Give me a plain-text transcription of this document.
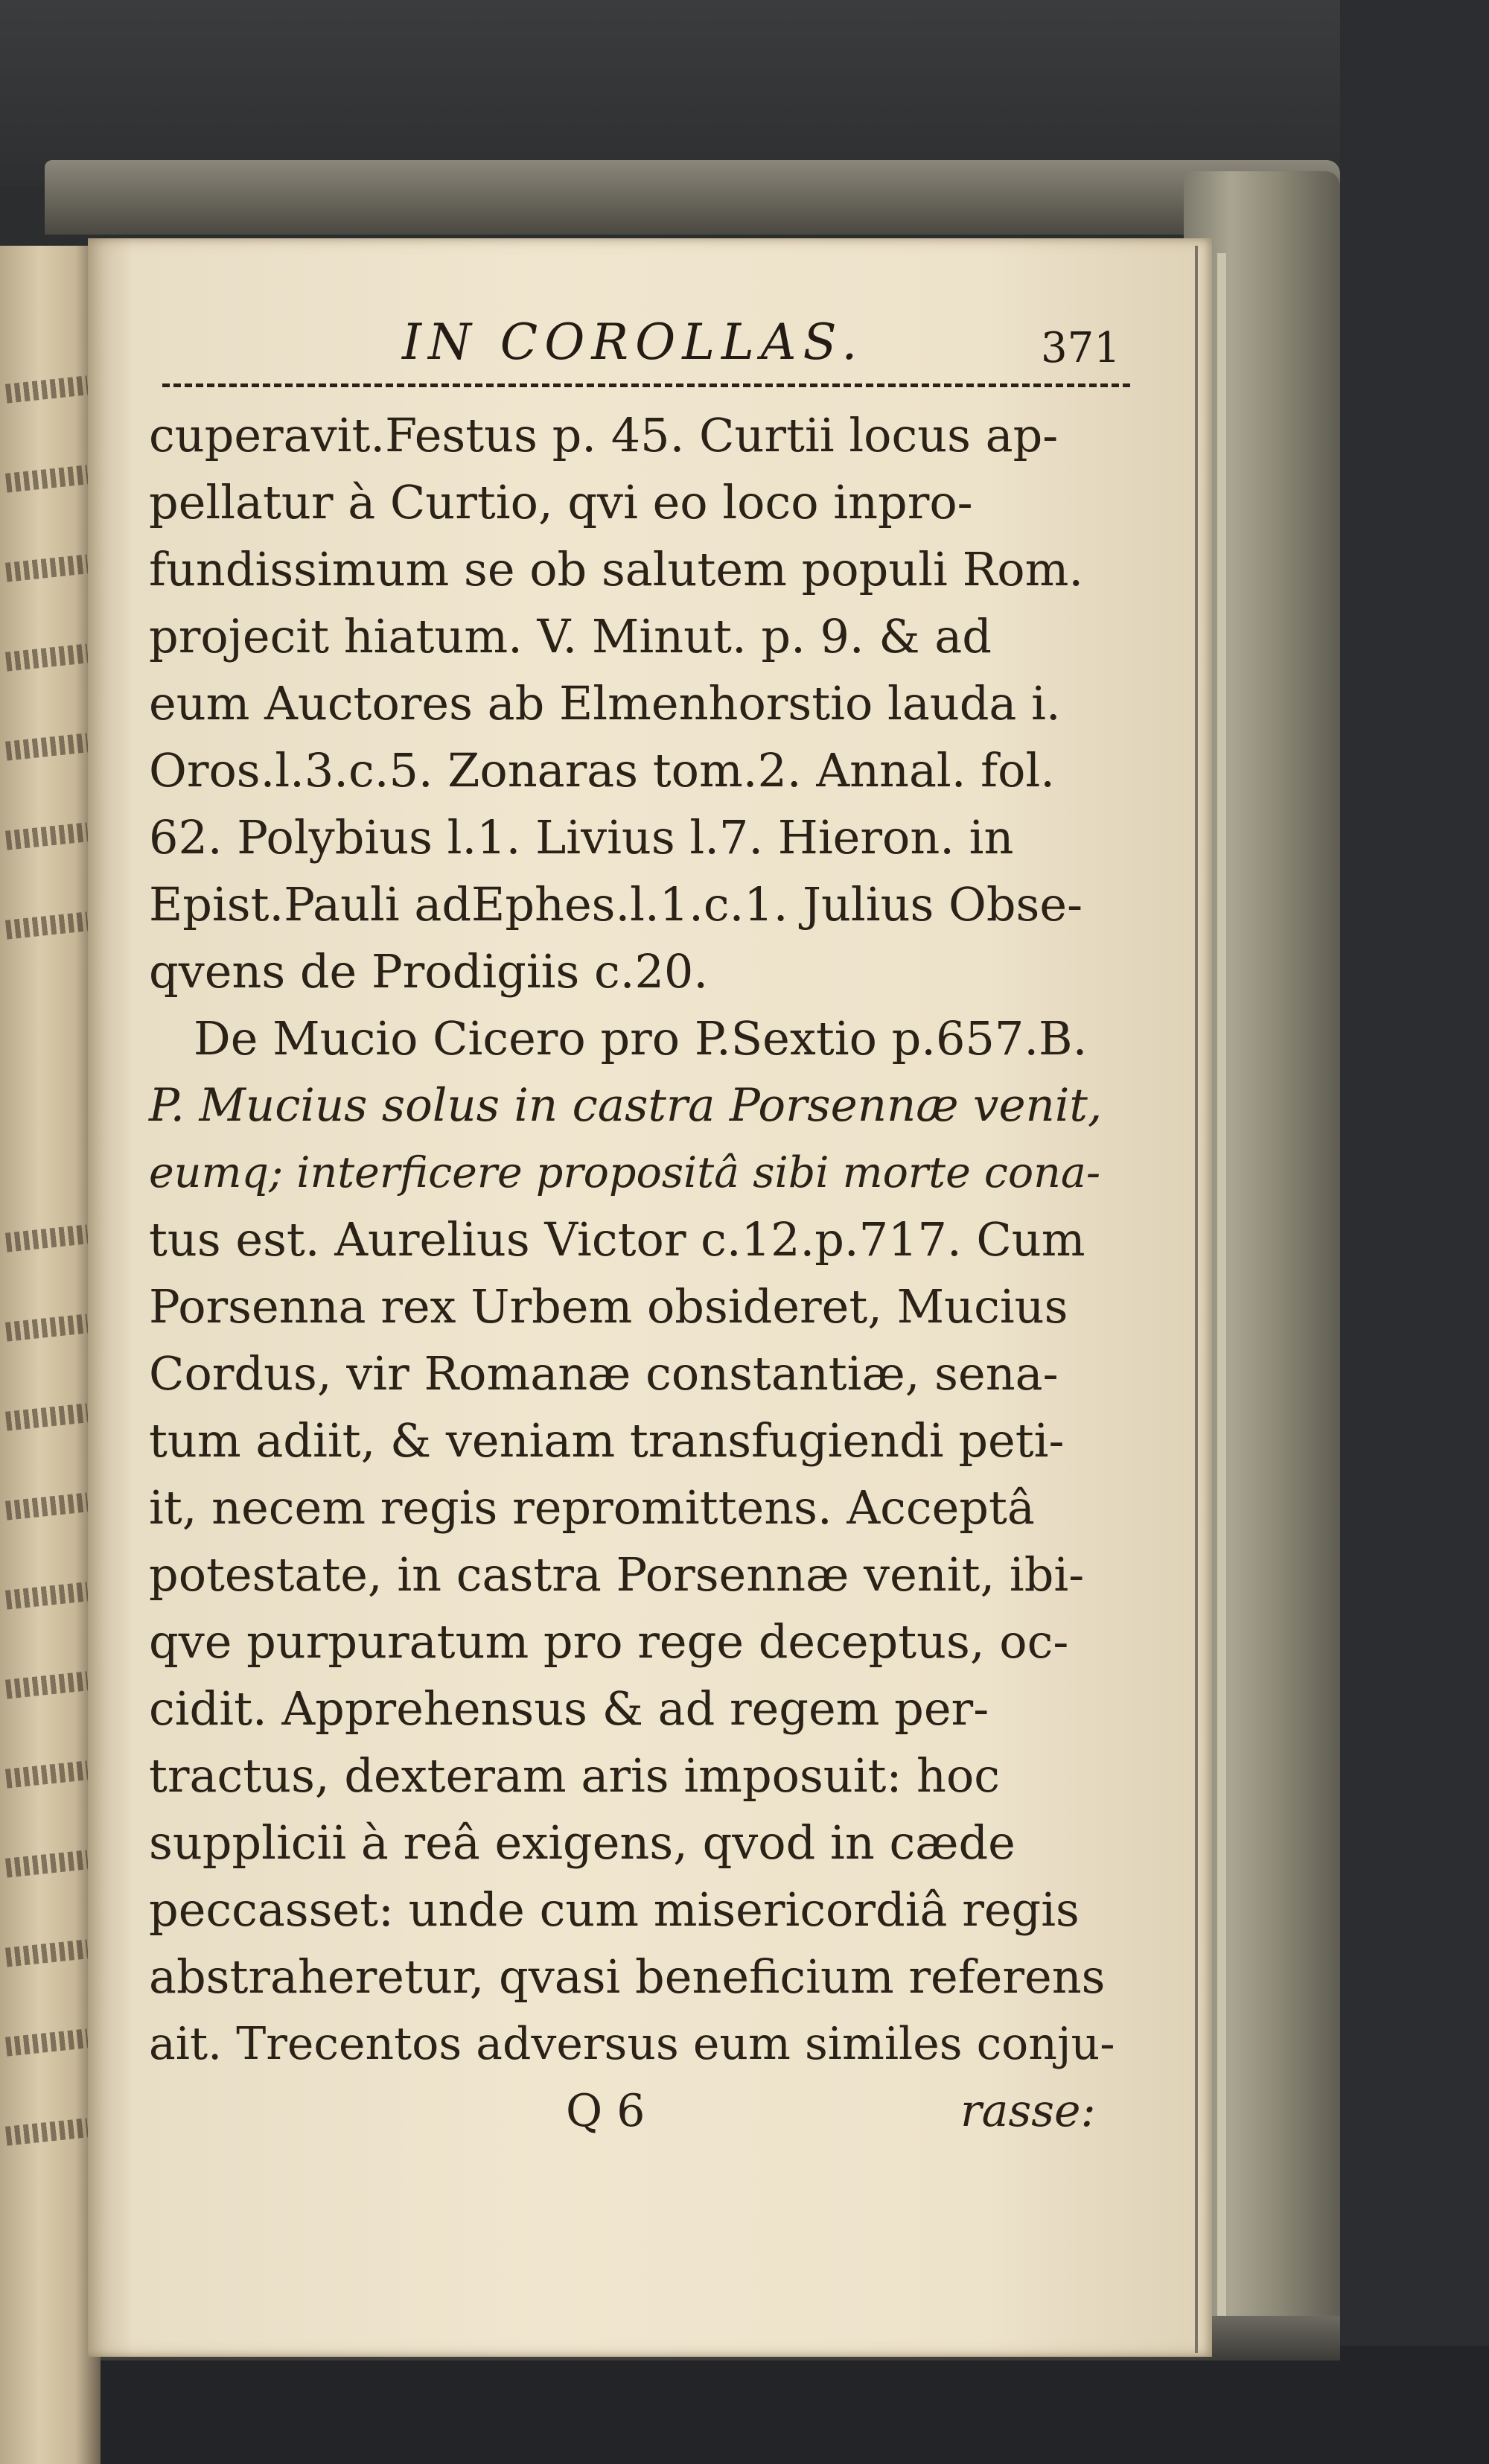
IN COROLLAS.	371
cuperavit.Festus p. 45. Curtii locus ap-
pellatur à Curtio, qvi eo loco inpro-
fundissimum se ob salutem populi Rom.
projecit hiatum. V. Minut. p. 9. & ad
eum Auctores ab Elmenhorstio lauda i.
Oros.l.3.c.5. Zonaras tom.2. Annal. fol.
62. Polybius l.1. Livius l.7. Hieron. in
Epist.Pauli adEphes.l.1.c.1. Julius Obse-
qvens de Prodigiis c.20.
De Mucio Cicero pro P.Sextio p.657.B.
P. Mucius solus in castra Porsennæ venit,
eumq; interficere propositâ sibi morte cona-
tus est. Aurelius Victor c.12.p.717. Cum
Porsenna rex Urbem obsideret, Mucius
Cordus, vir Romanæ constantiæ, sena-
tum adiit, & veniam transfugiendi peti-
it, necem regis repromittens. Acceptâ
potestate, in castra Porsennæ venit, ibi-
qve purpuratum pro rege deceptus, oc-
cidit. Apprehensus & ad regem per-
tractus, dexteram aris imposuit: hoc
supplicii à reâ exigens, qvod in cæde
peccasset: unde cum misericordiâ regis
abstraheretur, qvasi beneficium referens
ait. Trecentos adversus eum similes conju-
Q 6	rasse:
